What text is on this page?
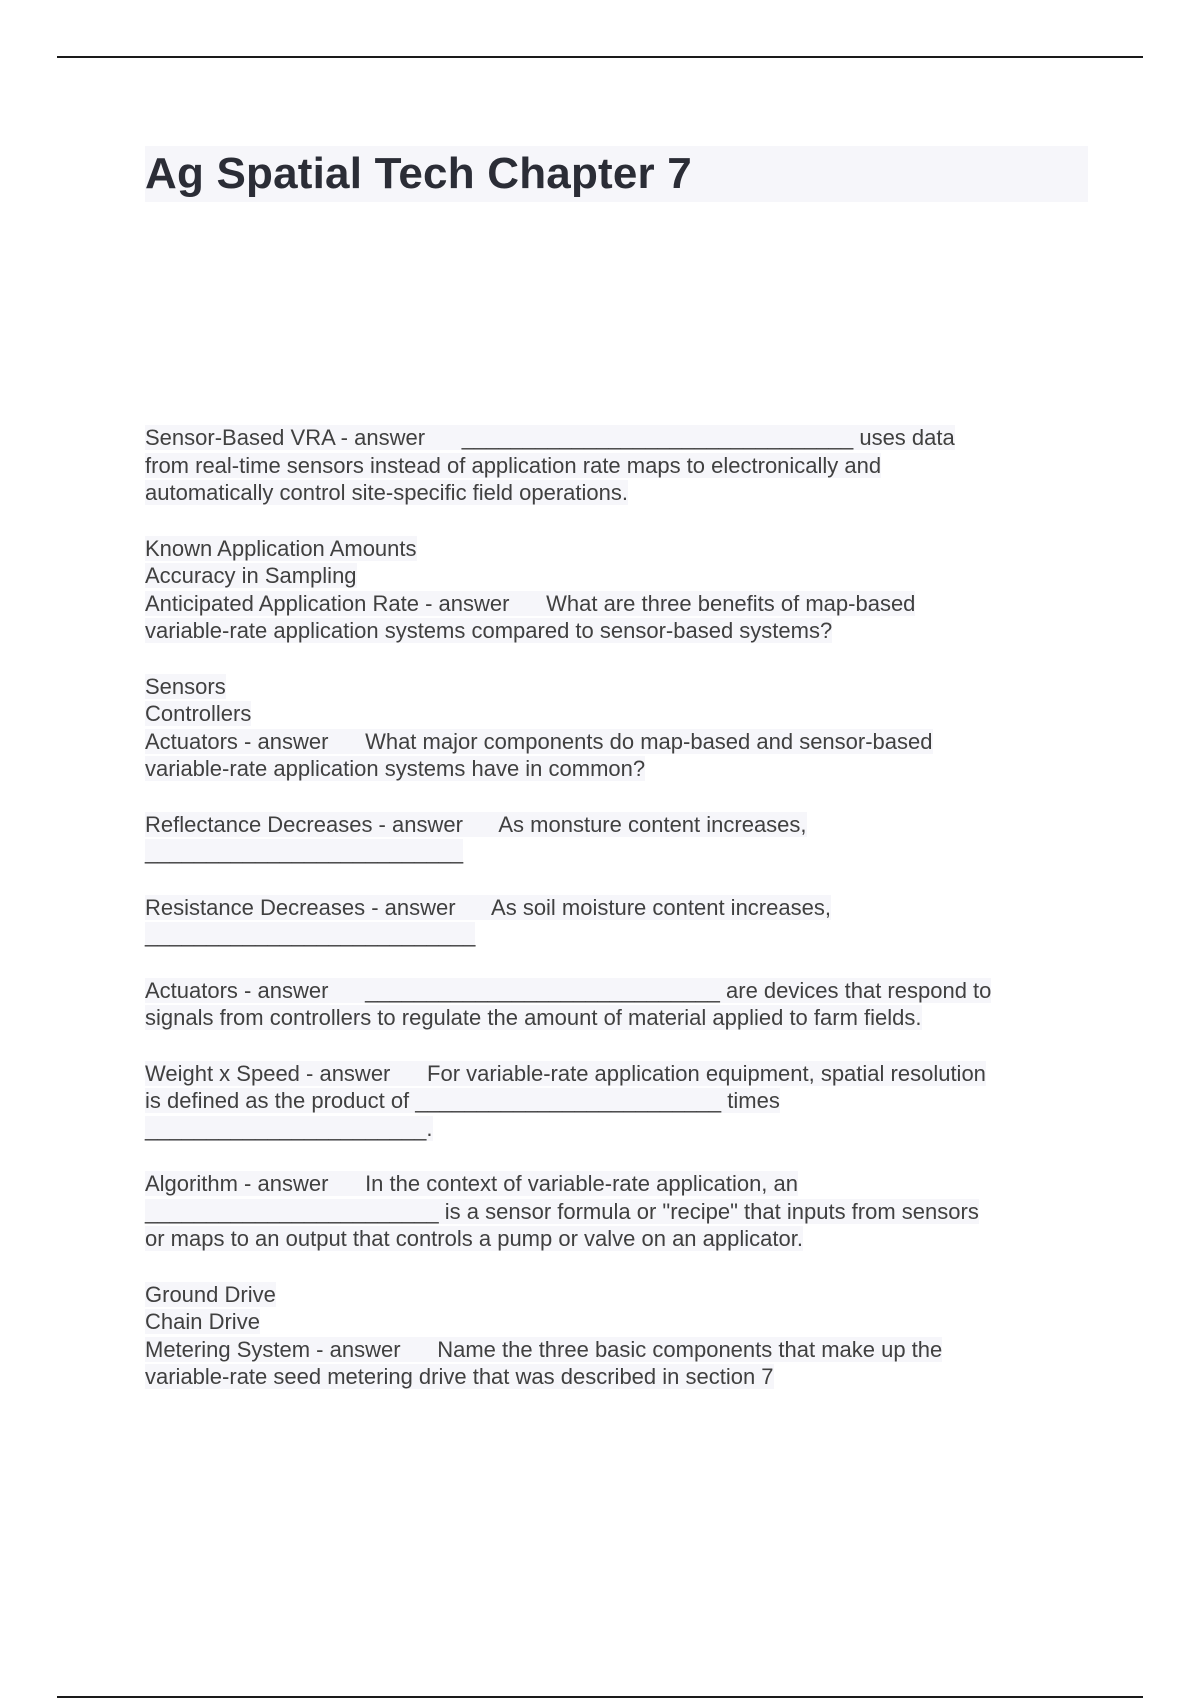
Ag Spatial Tech Chapter 7
Sensor-Based VRA - answer      ________________________________ uses data
from real-time sensors instead of application rate maps to electronically and
automatically control site-specific field operations.
Known Application Amounts
Accuracy in Sampling
Anticipated Application Rate - answer      What are three benefits of map-based
variable-rate application systems compared to sensor-based systems?
Sensors
Controllers
Actuators - answer      What major components do map-based and sensor-based
variable-rate application systems have in common?
Reflectance Decreases - answer      As monsture content increases,
__________________________
Resistance Decreases - answer      As soil moisture content increases,
___________________________
Actuators - answer      _____________________________ are devices that respond to
signals from controllers to regulate the amount of material applied to farm fields.
Weight x Speed - answer      For variable-rate application equipment, spatial resolution
is defined as the product of _________________________ times
_______________________.
Algorithm - answer      In the context of variable-rate application, an
________________________ is a sensor formula or "recipe" that inputs from sensors
or maps to an output that controls a pump or valve on an applicator.
Ground Drive
Chain Drive
Metering System - answer      Name the three basic components that make up the
variable-rate seed metering drive that was described in section 7
